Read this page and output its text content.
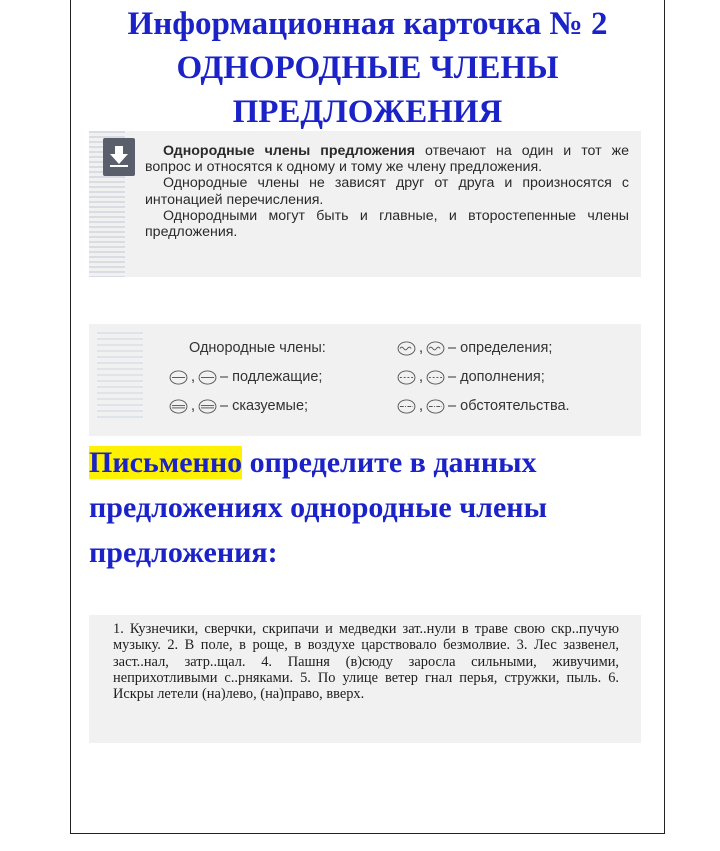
Информационная карточка № 2
ОДНОРОДНЫЕ ЧЛЕНЫ
ПРЕДЛОЖЕНИЯ

Однородные члены предложения отвечают на один и тот же вопрос и относятся к одному и тому же члену предложения.

Однородные члены не зависят друг от друга и произносятся с интонацией перечисления.

Однородными могут быть и главные, и второстепенные члены предложения.

Однородные члены:
, – подлежащие;
, – сказуемые;
, – определения;
, – дополнения;
, – обстоятельства.
Письменно определите в данных предложениях однородные члены предложения:
1. Кузнечики, сверчки, скрипачи и медведки зат..нули в траве свою скр..пучую музыку. 2. В поле, в роще, в воздухе царствовало безмолвие. 3. Лес зазвенел, заст..нал, затр..щал. 4. Пашня (в)сюду заросла сильными, живучими, неприхотливыми с..рняками. 5. По улице ветер гнал перья, стружки, пыль. 6. Искры летели (на)лево, (на)право, вверх.
